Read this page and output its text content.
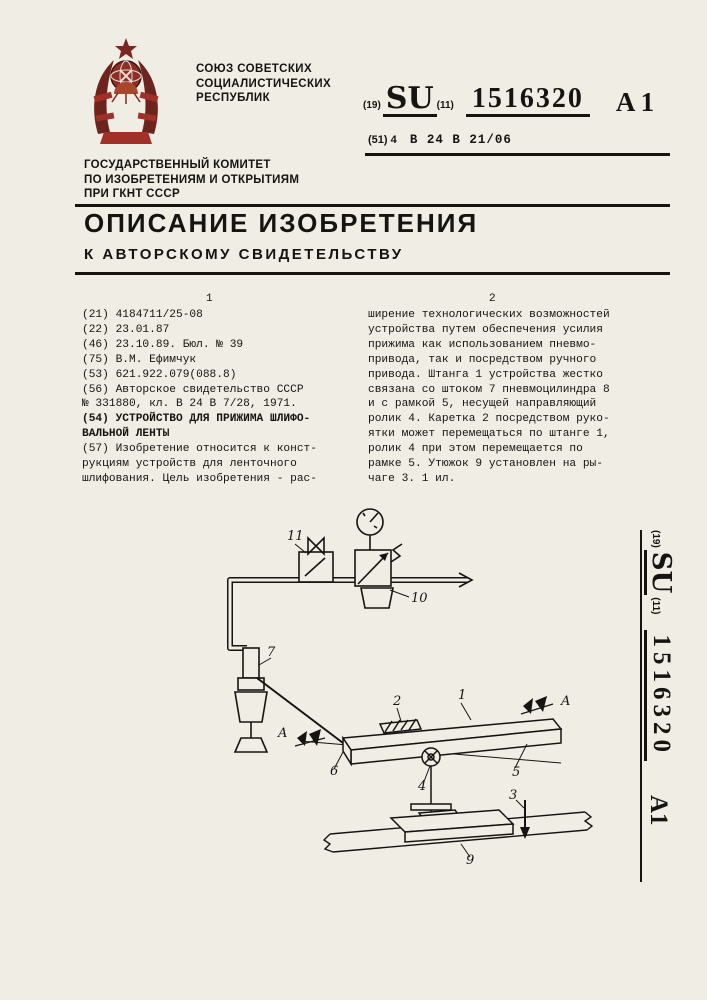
СОЮЗ СОВЕТСКИХ
СОЦИАЛИСТИЧЕСКИХ
РЕСПУБЛИК
(19) SU (11) 1516320 A 1
(51) 4 B 24 B 21/06
ГОСУДАРСТВЕННЫЙ КОМИТЕТ
ПО ИЗОБРЕТЕНИЯМ И ОТКРЫТИЯМ
ПРИ ГКНТ СССР
ОПИСАНИЕ ИЗОБРЕТЕНИЯ
К АВТОРСКОМУ СВИДЕТЕЛЬСТВУ
1	2
(21) 4184711/25-08
(22) 23.01.87
(46) 23.10.89. Бюл. № 39
(75) В.М. Ефимчук
(53) 621.922.079(088.8)
(56) Авторское свидетельство СССР
№ 331880, кл. B 24 B 7/28, 1971.
(54) УСТРОЙСТВО ДЛЯ ПРИЖИМА ШЛИФО-
ВАЛЬНОЙ ЛЕНТЫ
(57) Изобретение относится к конст-
рукциям устройств для ленточного
шлифования. Цель изобретения - рас-
ширение технологических возможностей
устройства путем обеспечения усилия
прижима как использованием пневмо-
привода, так и посредством ручного
привода. Штанга 1 устройства жестко
связана со штоком 7 пневмоцилиндра 8
и с рамкой 5, несущей направляющий
ролик 4. Каретка 2 посредством руко-
ятки может перемещаться по штанге 1,
ролик 4 при этом перемещается по
рамке 5. Утюжок 9 установлен на ры-
чаге 3. 1 ил.
11
10
7
2	1
A
A
6
4
5
3
9
(19)
SU
(11)
1516320
A1
